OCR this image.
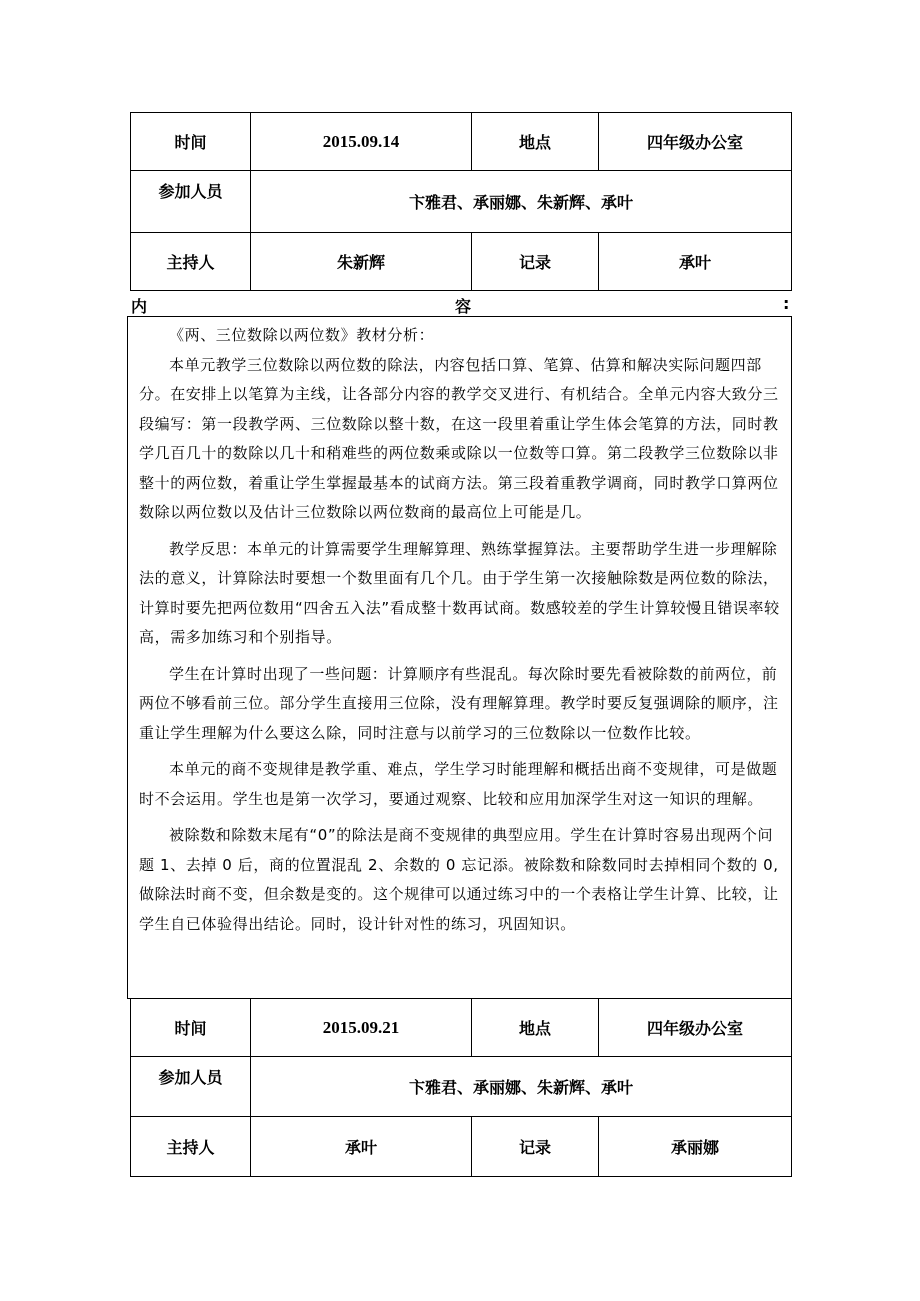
时间	2015.09.14	地点	四年级办公室
参加人员	卞雅君、承丽娜、朱新辉、承叶		
主持人	朱新辉	记录	承叶
内	容	:

《两、三位数除以两位数》教材分析：

本单元教学三位数除以两位数的除法，内容包括口算、笔算、估算和解决实际问题四部分。在安排上以笔算为主线，让各部分内容的教学交叉进行、有机结合。全单元内容大致分三段编写：第一段教学两、三位数除以整十数，在这一段里着重让学生体会笔算的方法，同时教学几百几十的数除以几十和稍难些的两位数乘或除以一位数等口算。第二段教学三位数除以非整十的两位数，着重让学生掌握最基本的试商方法。第三段着重教学调商，同时教学口算两位数除以两位数以及估计三位数除以两位数商的最高位上可能是几。

教学反思：本单元的计算需要学生理解算理、熟练掌握算法。主要帮助学生进一步理解除法的意义，计算除法时要想一个数里面有几个几。由于学生第一次接触除数是两位数的除法，计算时要先把两位数用“四舍五入法”看成整十数再试商。数感较差的学生计算较慢且错误率较高，需多加练习和个别指导。

学生在计算时出现了一些问题：计算顺序有些混乱。每次除时要先看被除数的前两位，前两位不够看前三位。部分学生直接用三位除，没有理解算理。教学时要反复强调除的顺序，注重让学生理解为什么要这么除，同时注意与以前学习的三位数除以一位数作比较。

本单元的商不变规律是教学重、难点，学生学习时能理解和概括出商不变规律，可是做题时不会运用。学生也是第一次学习，要通过观察、比较和应用加深学生对这一知识的理解。

被除数和除数末尾有“0”的除法是商不变规律的典型应用。学生在计算时容易出现两个问题 1、去掉 0 后，商的位置混乱 2、余数的 0 忘记添。被除数和除数同时去掉相同个数的 0,做除法时商不变，但余数是变的。这个规律可以通过练习中的一个表格让学生计算、比较，让学生自已体验得出结论。同时，设计针对性的练习，巩固知识。

时间	2015.09.21	地点	四年级办公室
参加人员	卞雅君、承丽娜、朱新辉、承叶		
主持人	承叶	记录	承丽娜
